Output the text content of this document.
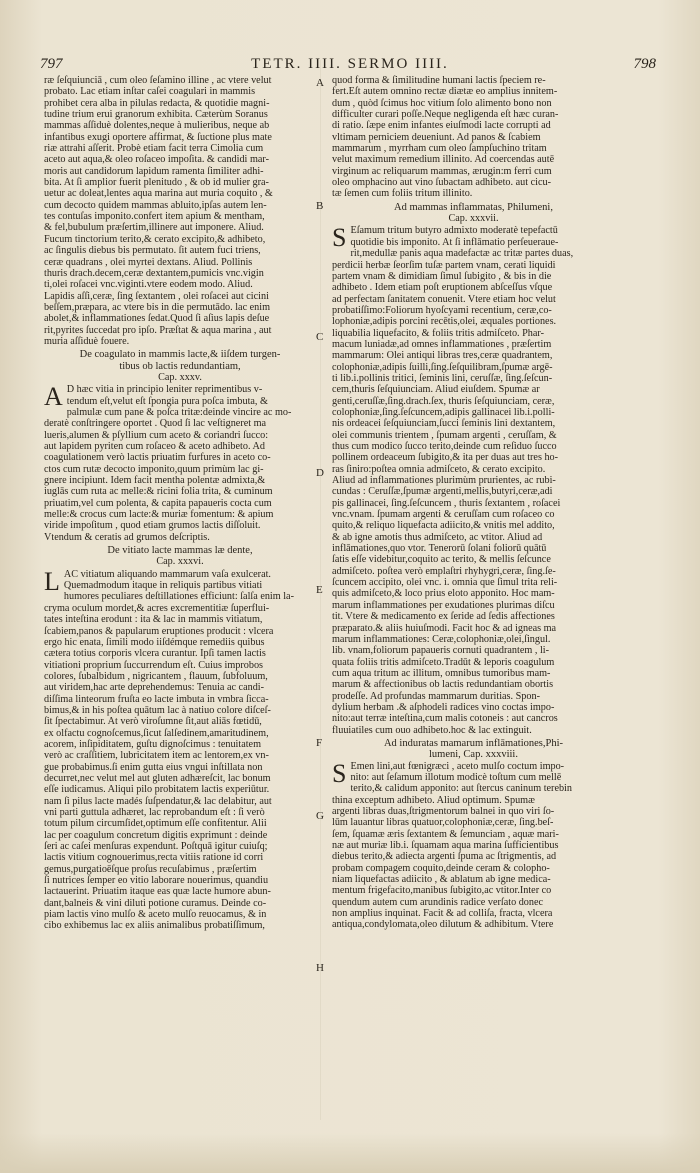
797	TETR. IIII. SERMO IIII.	798
A
B
C
D
E
F
G
H
ræ ſeſquiunciā , cum oleo ſeſamino illine , ac vtere velut
probato. Lac etiam inſtar caſei coagulari in mammis
prohibet cera alba in pilulas redacta, & quotidie magni-
tudine trium erui granorum exhibita. Cæterùm Soranus
mammas aſſiduè dolentes,neque à mulieribus, neque ab
infantibus exugi oportere affirmat, & ſuctione plus mate
riæ attrahi aſſerit. Probè etiam facit terra Cimolia cum
aceto aut aqua,& oleo roſaceo impoſita. & candidi mar-
moris aut candidorum lapidum ramenta ſimiliter adhi-
bita. At ſi amplior fuerit plenitudo , & ob id mulier gra-
uetur ac doleat,lentes aqua marina aut muria coquito , &
cum decocto quidem mammas abluito,ipſas autem len-
tes contuſas imponito.confert item apium & mentham,
& fel,bubulum præſertim,illinere aut imponere. Aliud.
Fucum tinctorium terito,& cerato excipito,& adhibeto,
ac ſingulis diebus bis permutato. ſit autem fuci triens,
ceræ quadrans , olei myrtei dextans. Aliud. Pollinis
thuris drach.decem,ceræ dextantem,pumicis vnc.vigin
ti,olei roſacei vnc.viginti.vtere eodem modo. Aliud.
Lapidis aſſi,ceræ, ſing ſextantem , olei roſacei aut cicini
beſſem,præpara, ac vtere bis in die permutādo. lac enim
abolet,& inflammationes ſedat.Quod ſi aſius lapis deſue
rit,pyrites ſuccedat pro ipſo. Præſtat & aqua marina , aut
muria aſſiduè fouere.
De coagulato in mammis lacte,& iiſdem turgen-
tibus ob lactis redundantiam,
Cap. xxxv.
A D hæc vitia in principio leniter reprimentibus v-
tendum eſt,velut eſt ſpongia pura poſca imbuta, &
palmulæ cum pane & poſca tritæ:deinde vincire ac mo-
deratè conſtringere oportet . Quod ſi lac veſtigneret ma
lueris,alumen & pſyllium cum aceto & coriandri ſucco:
aut lapidem pyriten cum roſaceo & aceto adhibeto. Ad
coagulationem verò lactis priuatim furfures in aceto co-
ctos cum rutæ decocto imponito,quum primùm lac gi-
gnere incipiunt. Idem facit mentha polentæ admixta,&
iuglās cum ruta ac melle:& ricini folia trita, & cuminum
priuatim,vel cum polenta, & capita papaueris cocta cum
melle:& crocus cum lacte:& muriæ fomentum: & apium
viride impoſitum , quod etiam grumos lactis diſſoluit.
Vtendum & ceratis ad grumos deſcriptis.
De vitiato lacte mammas læ dente,
Cap. xxxvi.
L AC vitiatum aliquando mammarum vaſa exulcerat.
Quemadmodum itaque in reliquis partibus vitiati
humores peculiares deſtillationes efficiunt: ſalſa enim la-
cryma oculum mordet,& acres excrementitiæ ſuperflui-
tates inteſtina erodunt : ita & lac in mammis vitiatum,
ſcabiem,panos & papularum eruptiones producit : vlcera
ergo hic enata, ſimili modo iiſdémque remediis quibus
cætera totius corporis vlcera curantur. Ipſi tamen lactis
vitiationi proprium ſuccurrendum eſt. Cuius improbos
colores, ſubalbidum , nigricantem , flauum, ſubfoluum,
aut viridem,hac arte deprehendemus: Tenuia ac candi-
diſſima linteorum fruſta eo lacte imbuta in vmbra ſicca-
bimus,& in his poſtea quātum lac à natiuo colore diſceſ-
ſit ſpectabimur. At verò viroſumne ſit,aut aliās fœtidū,
ex olfactu cognoſcemus,ſicut ſalſedinem,amaritudinem,
acorem, inſipiditatem, guſtu dignoſcimus : tenuitatem
verò ac craſſitiem, lubricitatem item ac lentorem,ex vn-
gue probabimus.ſi enim gutta eius vngui inſtillata non
decurret,nec velut mel aut gluten adhæreſcit, lac bonum
eſſe iudicamus. Aliqui pilo probitatem lactis experiūtur.
nam ſi pilus lacte madés ſuſpendatur,& lac delabitur, aut
vni parti guttula adhæret, lac reprobandum eſt : ſi verò
totum pilum circumſidet,optimum eſſe confitentur. Alii
lac per coagulum concretum digitis exprimunt : deinde
ſeri ac caſei menſuras expendunt. Poſtquā igitur cuiuſq;
lactis vitium cognouerimus,recta vitiis ratione id corri
gemus,purgatioēſque proſus recuſabimus , præſertim
ſi nutrices ſemper eo vitio laborare nouerimus, quandiu
lactauerint. Priuatim itaque eas quæ lacte humore abun-
dant,balneis & vini diluti potione curamus. Deinde co-
piam lactis vino mulſo & aceto mulſo reuocamus, & in
cibo exhibemus lac ex aliis animalibus probatiſſimum,
quod forma & ſimilitudine humani lactis ſpeciem re-
fert.Eſt autem omnino rectæ diætæ eo amplius innitem-
dum , quòd ſcimus hoc vitium ſolo alimento bono non
difficulter curari poſſe.Neque negligenda eſt hæc curan-
di ratio. ſæpe enim infantes eiuſmodi lacte corrupti ad
vltimam perniciem deueniunt. Ad panos & ſcabiem
mammarum , myrrham cum oleo ſampſuchino tritam
velut maximum remedium illinito. Ad coercendas autē
virginum ac reliquarum mammas, ærugin:m ferri cum
oleo omphacino aut vino ſubactam adhibeto. aut cicu-
tæ ſemen cum foliis tritum illinito.
Ad mammas inflammatas, Philumeni,
Cap. xxxvii.
S Eſamum tritum butyro admixto moderatè tepefactū
quotidie bis imponito. At ſi inflāmatio perſeueraue-
rit,medullæ panis aqua madefactæ ac tritæ partes duas,
perdicii herbæ ſeorſim tuſæ partem vnam, cerati liquidi
partem vnam & dimidiam ſimul ſubigito , & bis in die
adhibeto . Idem etiam poſt eruptionem abſceſſus vſque
ad perfectam ſanitatem conuenit. Vtere etiam hoc velut
probatiſſimo:Foliorum hyoſcyami recentium, ceræ,co-
lophoniæ,adipis porcini recētis,olei, æquales portiones.
liquabilia liquefacito, & foliis tritis admiſceto. Phar-
macum luniadæ,ad omnes inflammationes , præſertim
mammarum: Olei antiqui libras tres,ceræ quadrantem,
colophoniæ,adipis ſuilli,ſing.ſeſquilibram,ſpumæ argē-
ti lib.i.pollinis tritici, ſeminis lini, ceruſſæ, ſing.ſeſcun-
cem,thuris ſeſquiunciam. Aliud eiuſdem. Spumæ ar
genti,ceruſſæ,ſing.drach.ſex, thuris ſeſquiunciam, ceræ,
colophoniæ,ſing.ſeſcuncem,adipis gallinacei lib.i.polli-
nis ordeacei ſeſquiunciam,ſucci ſeminis lini dextantem,
olei communis trientem , ſpumam argenti , ceruſſam, &
thus cum modico ſucco terito,deinde cum reſiduo ſucco
pollinem ordeaceum ſubigito,& ita per duas aut tres ho-
ras ſiniro:poſtea omnia admiſceto, & cerato excipito.
Aliud ad inflammationes plurimùm prurientes, ac rubi-
cundas : Ceruſſæ,ſpumæ argenti,mellis,butyri,ceræ,adi
pis gallinacei, ſing.ſeſcuncem , thuris ſextantem , roſacei
vnc.vnam. ſpumam argenti & ceruſſam cum roſaceo co
quito,& reliquo liquefacta adiicito,& vnitis mel addito,
& ab igne amotis thus admiſceto, ac vtitor. Aliud ad
inflāmationes,quo vtor. Tenerorū ſolani foliorū quātū
ſatis eſſe videbitur,coquito ac terito, & mellis ſeſcunce
admiſceto. poſtea verò emplaſtri rhyhygri,ceræ, ſing.ſe-
ſcuncem accipito, olei vnc. i. omnia que ſimul trita reli-
quis admiſceto,& loco prius eloto apponito. Hoc mam-
marum inflammationes per exudationes plurimas diſcu
tit. Vtere & medicamento ex ſeride ad ſedis affectiones
præparato.& aliis huiuſmodi. Facit hoc & ad igneas ma
marum inflammationes: Ceræ,colophoniæ,olei,ſingul.
lib. vnam,foliorum papaueris cornuti quadrantem , li-
quata foliis tritis admiſceto.Tradūt & leporis coagulum
cum aqua tritum ac illitum, omnibus tumoribus mam-
marum & affectionibus ob lactis redundantiam obortis
prodeſſe. Ad profundas mammarum duritias. Spon-
dylium herbam .& aſphodeli radices vino coctas impo-
nito:aut terræ inteſtina,cum malis cotoneis : aut cancros
fluuiatiles cum ouo adhibeto.hoc & lac extinguit.
Ad induratas mamarum inflāmationes,Phi-
lumeni, Cap. xxxviii.
S Emen lini,aut fœnigræci , aceto mulſo coctum impo-
nito: aut ſeſamum illotum modicè toſtum cum mellē
terito,& calidum apponito: aut ſtercus caninum terebin
thina exceptum adhibeto. Aliud optimum. Spumæ
argenti libras duas,ſtrigmentorum balnei in quo viri ſo-
lūm lauantur libras quatuor,colophoniæ,ceræ, ſing.beſ-
ſem, ſquamæ æris ſextantem & ſemunciam , aquæ mari-
næ aut muriæ lib.i. ſquamam aqua marina ſufficientibus
diebus terito,& adiecta argenti ſpuma ac ſtrigmentis, ad
probam compagem coquito,deinde ceram & colopho-
niam liquefactas adiicito , & ablatum ab igne medica-
mentum frigefacito,manibus ſubigito,ac vtitor.Inter co
quendum autem cum arundinis radice verſato donec
non amplius inquinat. Facit & ad colliſa, fracta, vlcera
antiqua,condylomata,oleo dilutum & adhibitum. Vtere
